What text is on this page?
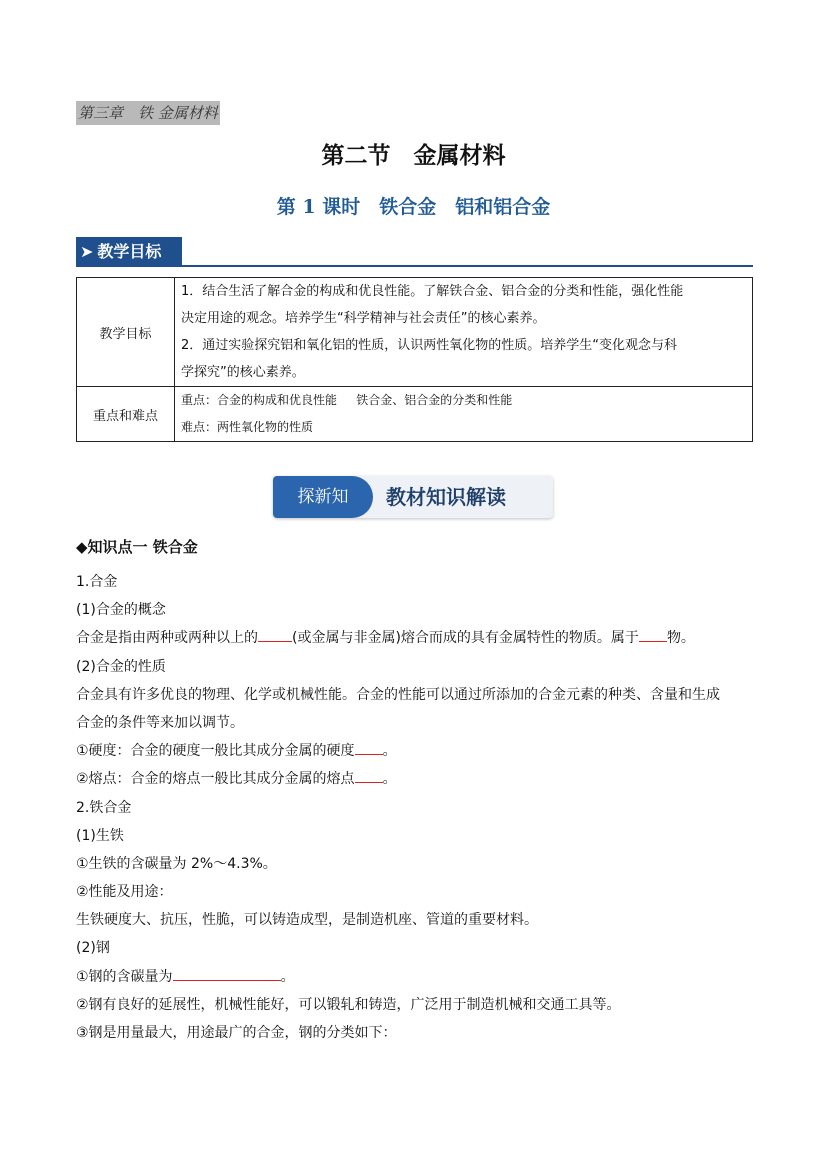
第三章　铁 金属材料
第二节　金属材料
第 1 课时　铁合金　铝和铝合金
➤ 教学目标
教学目标	1．结合生活了解合金的构成和优良性能。了解铁合金、铝合金的分类和性能，强化性能
决定用途的观念。培养学生“科学精神与社会责任”的核心素养。
2．通过实验探究铝和氧化铝的性质，认识两性氧化物的性质。培养学生“变化观念与科
学探究”的核心素养。

重点和难点	重点：合金的构成和优良性能　 铁合金、铝合金的分类和性能
难点：两性氧化物的性质
探新知	教材知识解读
◆知识点一 铁合金
1.合金
(1)合金的概念
合金是指由两种或两种以上的 (或金属与非金属)熔合而成的具有金属特性的物质。属于 物。
(2)合金的性质
合金具有许多优良的物理、化学或机械性能。合金的性能可以通过所添加的合金元素的种类、含量和生成
合金的条件等来加以调节。
①硬度：合金的硬度一般比其成分金属的硬度 。
②熔点：合金的熔点一般比其成分金属的熔点 。
2.铁合金
(1)生铁
①生铁的含碳量为 2%～4.3%。
②性能及用途：
生铁硬度大、抗压，性脆，可以铸造成型，是制造机座、管道的重要材料。
(2)钢
①钢的含碳量为	。
②钢有良好的延展性，机械性能好，可以锻轧和铸造，广泛用于制造机械和交通工具等。
③钢是用量最大，用途最广的合金，钢的分类如下：
